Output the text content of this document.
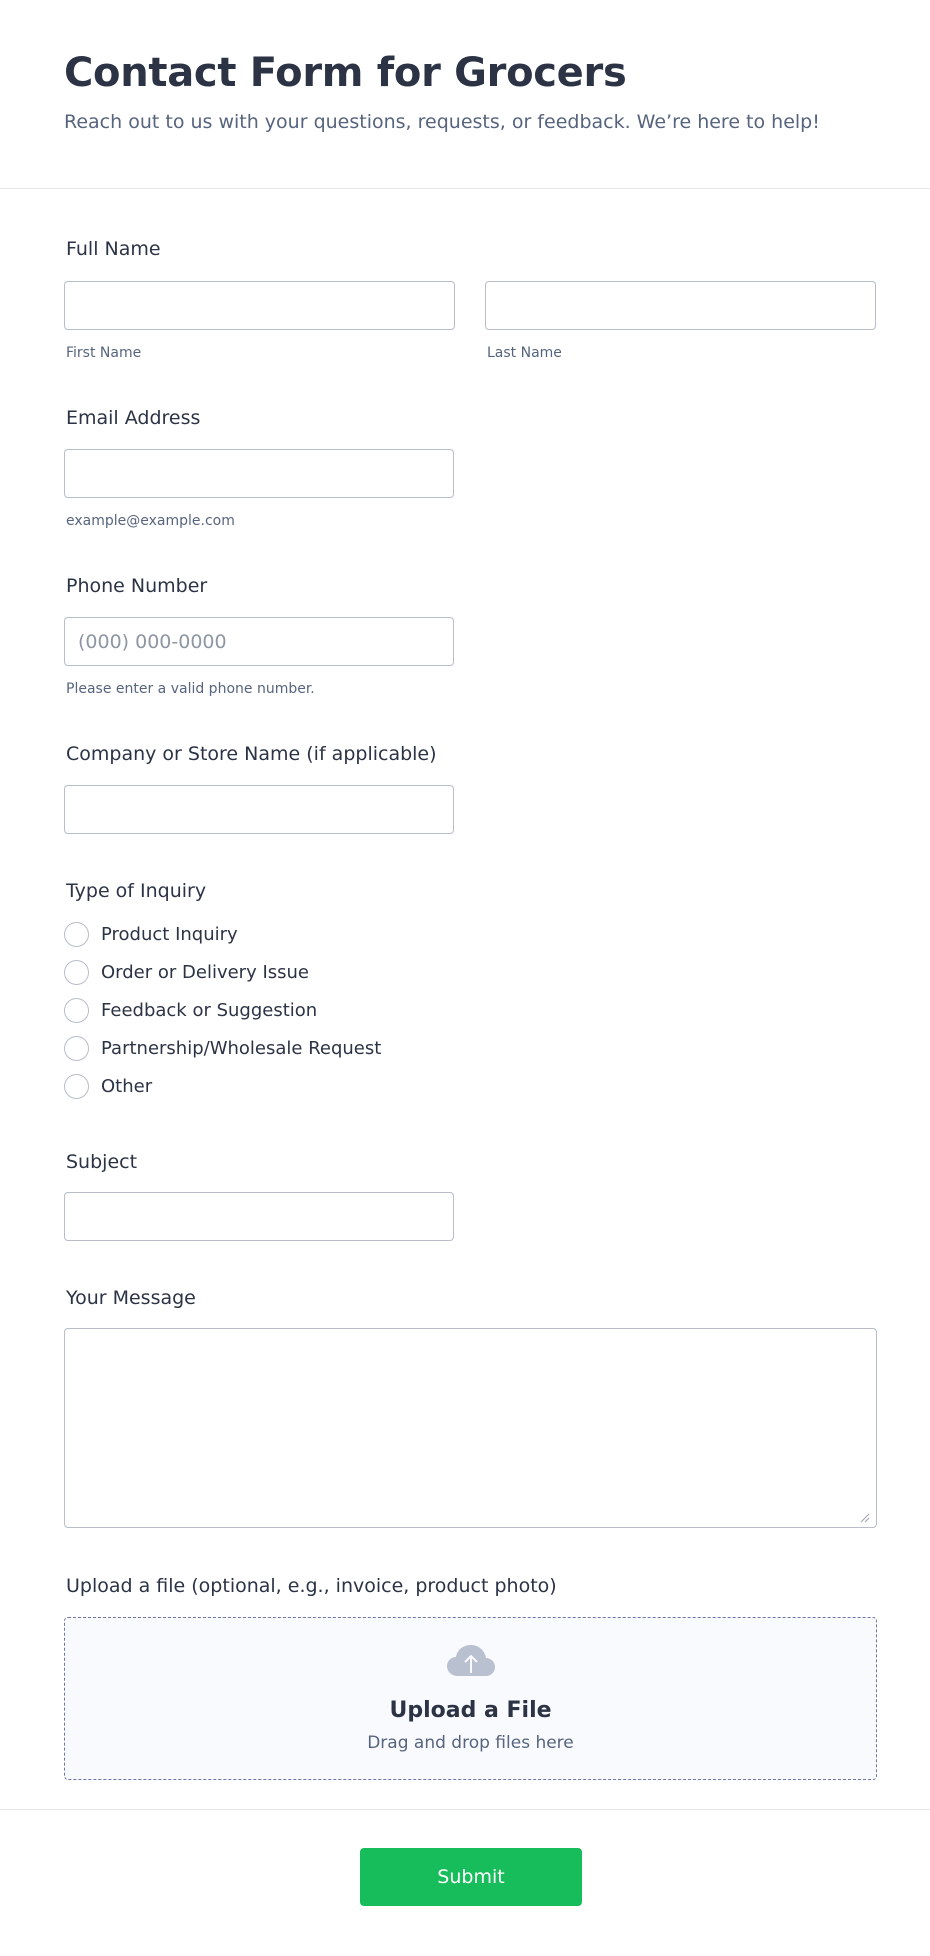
Contact Form for Grocers

Reach out to us with your questions, requests, or feedback. We’re here to help!

Full Name
First Name	Last Name
Email Address
example@example.com
Phone Number
(000) 000-0000
Please enter a valid phone number.
Company or Store Name (if applicable)
Type of Inquiry
Product Inquiry
Order or Delivery Issue
Feedback or Suggestion
Partnership/Wholesale Request
Other
Subject
Your Message
Upload a file (optional, e.g., invoice, product photo)
Upload a File
Drag and drop files here
Submit
